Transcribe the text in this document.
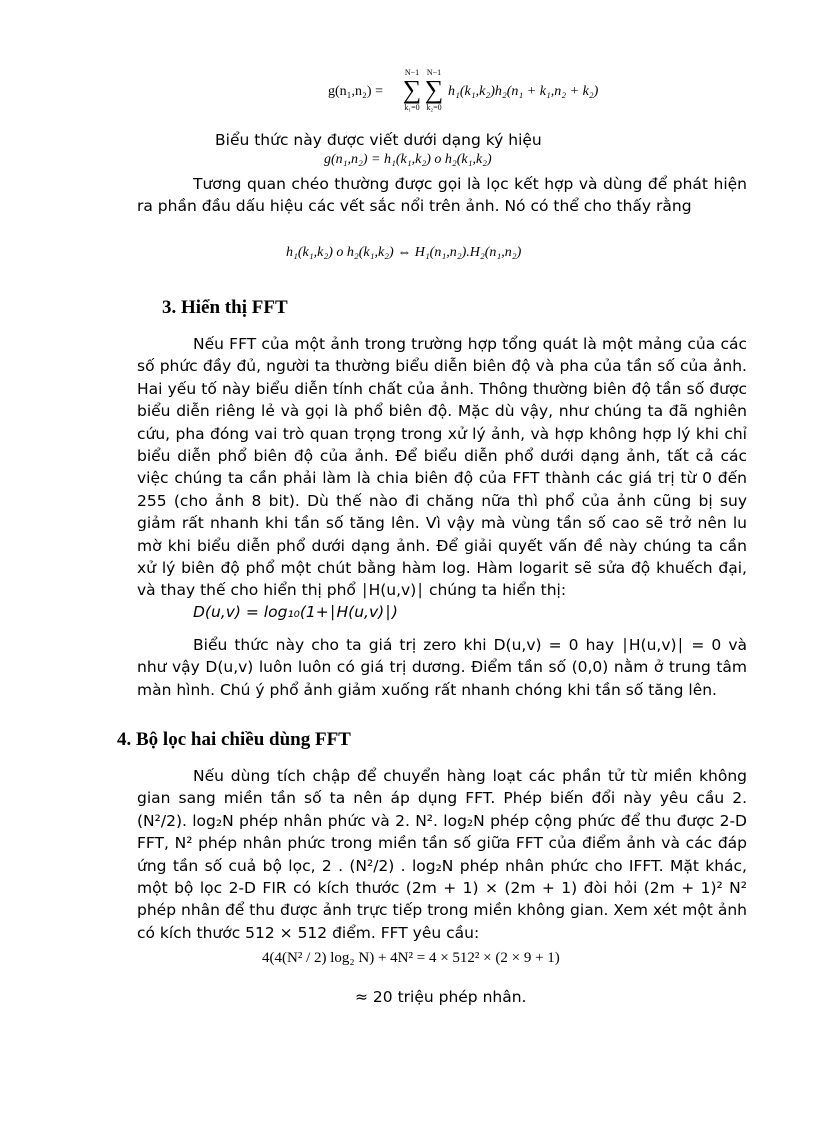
g(n₁,n₂) =
N−1
∑
k₁=0
N−1
∑
k₂=0
h₁(k₁,k₂)h₂(n₁ + k₁,n₂ + k₂)
Biểu thức này được viết dưới dạng ký hiệu
g(n₁,n₂) = h₁(k₁,k₂) o h₂(k₁,k₂)
Tương quan chéo thường được gọi là lọc kết hợp và dùng để phát hiện ra phần đầu dấu hiệu các vết sắc nổi trên ảnh. Nó có thể cho thấy rằng
h₁(k₁,k₂) o h₂(k₁,k₂) ⇔ H₁(n₁,n₂).H₂(n₁,n₂)
3. Hiển thị FFT
Nếu FFT của một ảnh trong trường hợp tổng quát là một mảng của các số phức đầy đủ, người ta thường biểu diễn biên độ và pha của tần số của ảnh. Hai yếu tố này biểu diễn tính chất của ảnh. Thông thường biên độ tần số được biểu diễn riêng lẻ và gọi là phổ biên độ. Mặc dù vậy, như chúng ta đã nghiên cứu, pha đóng vai trò quan trọng trong xử lý ảnh, và hợp không hợp lý khi chỉ biểu diễn phổ biên độ của ảnh. Để biểu diễn phổ dưới dạng ảnh, tất cả các việc chúng ta cần phải làm là chia biên độ của FFT thành các giá trị từ 0 đến 255 (cho ảnh 8 bit). Dù thế nào đi chăng nữa thì phổ của ảnh cũng bị suy giảm rất nhanh khi tần số tăng lên. Vì vậy mà vùng tần số cao sẽ trở nên lu mờ khi biểu diễn phổ dưới dạng ảnh. Để giải quyết vấn đề này chúng ta cần xử lý biên độ phổ một chút bằng hàm log. Hàm logarit sẽ sửa độ khuếch đại, và thay thế cho hiển thị phổ ∣H(u,v)∣ chúng ta hiển thị:
D(u,v) = log₁₀(1+∣H(u,v)∣)
Biểu thức này cho ta giá trị zero khi D(u,v) = 0 hay ∣H(u,v)∣ = 0 và như vậy D(u,v) luôn luôn có giá trị dương. Điểm tần số (0,0) nằm ở trung tâm màn hình. Chú ý phổ ảnh giảm xuống rất nhanh chóng khi tần số tăng lên.
4. Bộ lọc hai chiều dùng FFT
Nếu dùng tích chập để chuyển hàng loạt các phần tử từ miền không gian sang miền tần số ta nên áp dụng FFT. Phép biến đổi này yêu cầu 2. (N²/2). log₂N phép nhân phức và 2. N². log₂N phép cộng phức để thu được 2-D FFT, N² phép nhân phức trong miền tần số giữa FFT của điểm ảnh và các đáp ứng tần số cuả bộ lọc, 2 . (N²/2) . log₂N phép nhân phức cho IFFT. Mặt khác, một bộ lọc 2-D FIR có kích thước (2m + 1) × (2m + 1) đòi hỏi (2m + 1)² N² phép nhân để thu được ảnh trực tiếp trong miền không gian. Xem xét một ảnh có kích thước 512 × 512 điểm. FFT yêu cầu:
4(4(N² / 2) log₂ N) + 4N² = 4 × 512² × (2 × 9 + 1)
≈ 20 triệu phép nhân.
